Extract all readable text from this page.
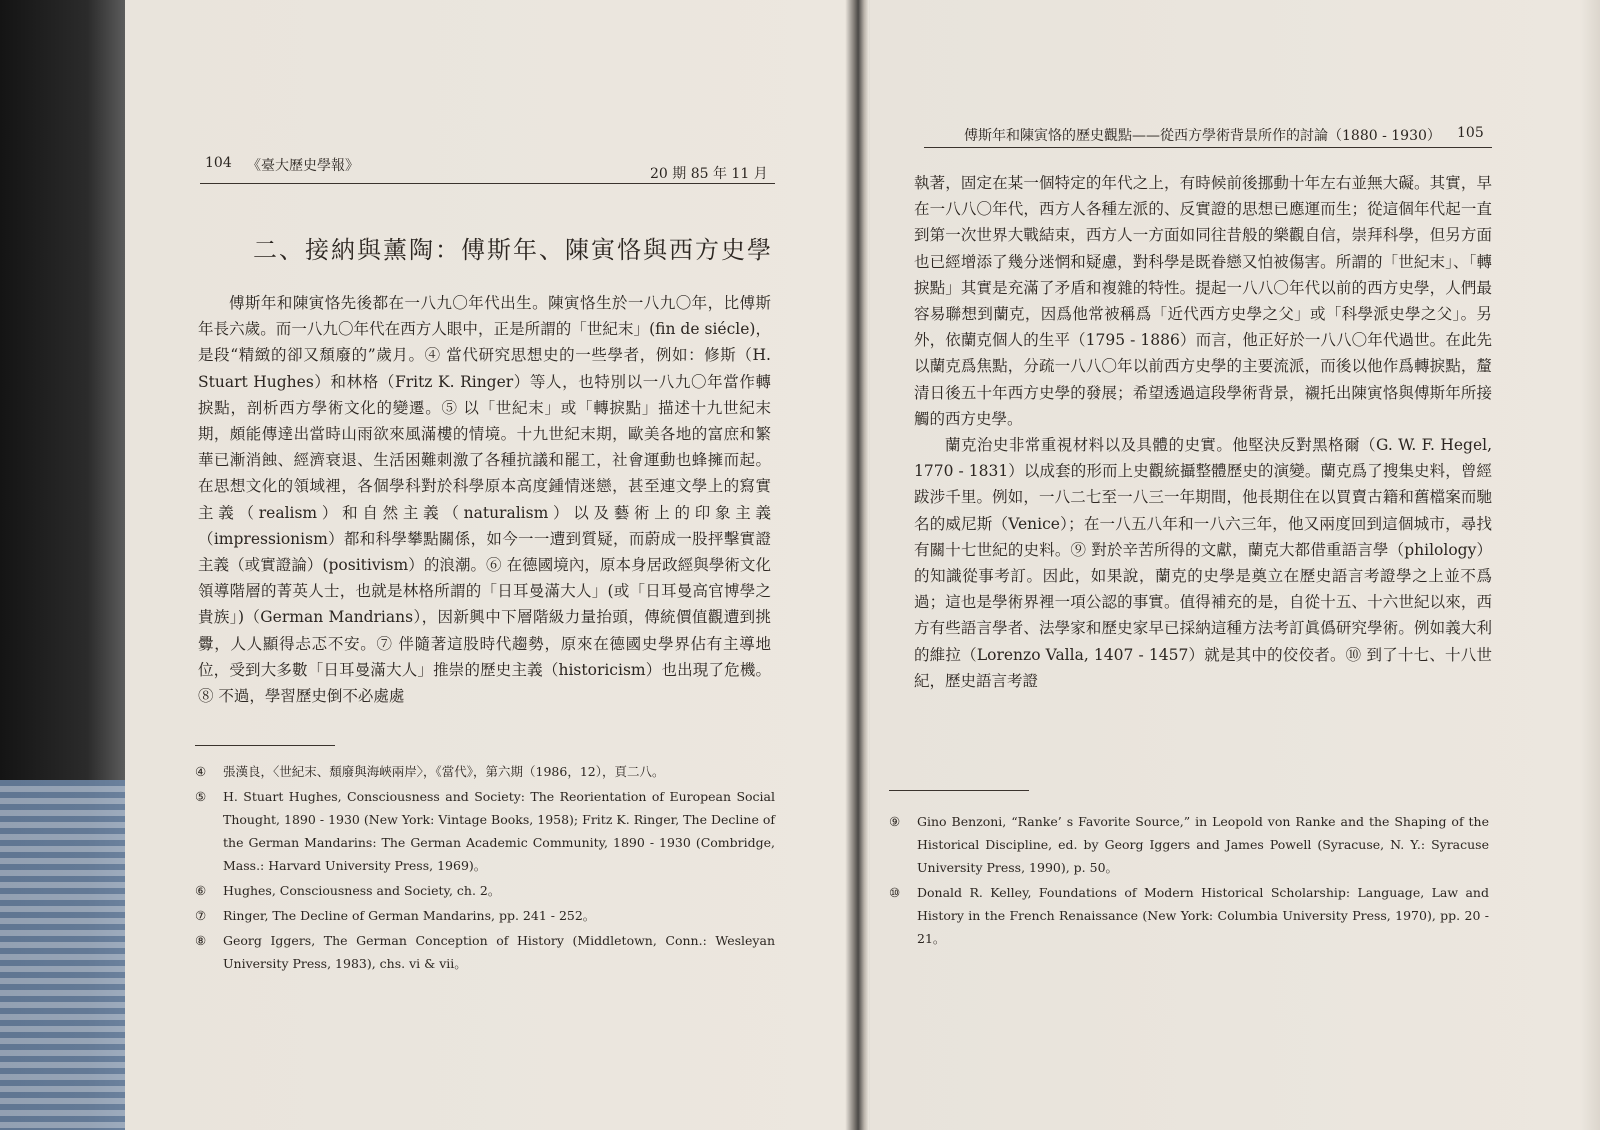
104 《臺大歷史學報》	20 期 85 年 11 月
二、接納與薰陶：傅斯年、陳寅恪與西方史學

傅斯年和陳寅恪先後都在一八九〇年代出生。陳寅恪生於一八九〇年，比傅斯年長六歲。而一八九〇年代在西方人眼中，正是所謂的「世紀末」(fin de siécle)，是段“精緻的卻又頹廢的”歲月。④ 當代研究思想史的一些學者，例如：修斯（H. Stuart Hughes）和林格（Fritz K. Ringer）等人，也特別以一八九〇年當作轉捩點，剖析西方學術文化的變遷。⑤ 以「世紀末」或「轉捩點」描述十九世紀末期，頗能傳達出當時山雨欲來風滿樓的情境。十九世紀末期，歐美各地的富庶和繁華已漸消蝕、經濟衰退、生活困難刺激了各種抗議和罷工，社會運動也蜂擁而起。在思想文化的領域裡，各個學科對於科學原本高度鍾情迷戀，甚至連文學上的寫實主義（realism）和自然主義（naturalism）以及藝術上的印象主義（impressionism）都和科學攀點關係，如今一一遭到質疑，而蔚成一股抨擊實證主義（或實證論）(positivism）的浪潮。⑥ 在德國境內，原本身居政經與學術文化領導階層的菁英人士，也就是林格所謂的「日耳曼滿大人」(或「日耳曼高官博學之貴族」)（German Mandrians），因新興中下層階級力量抬頭，傳統價值觀遭到挑釁，人人顯得忐忑不安。⑦ 伴隨著這股時代趨勢，原來在德國史學界佔有主導地位，受到大多數「日耳曼滿大人」推崇的歷史主義（historicism）也出現了危機。⑧ 不過，學習歷史倒不必處處

④	張漢良，〈世紀末、頹廢與海峽兩岸〉，《當代》，第六期（1986，12），頁二八。
⑤	H. Stuart Hughes, Consciousness and Society: The Reorientation of European Social Thought, 1890 - 1930 (New York: Vintage Books, 1958); Fritz K. Ringer, The Decline of the German Mandarins: The German Academic Community, 1890 - 1930 (Combridge, Mass.: Harvard University Press, 1969)。
⑥	Hughes, Consciousness and Society, ch. 2。
⑦	Ringer, The Decline of German Mandarins, pp. 241 - 252。
⑧	Georg Iggers, The German Conception of History (Middletown, Conn.: Wesleyan University Press, 1983), chs. vi & vii。
傅斯年和陳寅恪的歷史觀點——從西方學術背景所作的討論（1880 - 1930） 105

執著，固定在某一個特定的年代之上，有時候前後挪動十年左右並無大礙。其實，早在一八八〇年代，西方人各種左派的、反實證的思想已應運而生；從這個年代起一直到第一次世界大戰結束，西方人一方面如同往昔般的樂觀自信，崇拜科學，但另方面也已經增添了幾分迷惘和疑慮，對科學是既眷戀又怕被傷害。所謂的「世紀末」、「轉捩點」其實是充滿了矛盾和複雜的特性。提起一八八〇年代以前的西方史學，人們最容易聯想到蘭克，因爲他常被稱爲「近代西方史學之父」或「科學派史學之父」。另外，依蘭克個人的生平（1795 - 1886）而言，他正好於一八八〇年代過世。在此先以蘭克爲焦點，分疏一八八〇年以前西方史學的主要流派，而後以他作爲轉捩點，釐清日後五十年西方史學的發展；希望透過這段學術背景，襯托出陳寅恪與傅斯年所接觸的西方史學。

蘭克治史非常重視材料以及具體的史實。他堅決反對黑格爾（G. W. F. Hegel, 1770 - 1831）以成套的形而上史觀統攝整體歷史的演變。蘭克爲了搜集史料，曾經跋涉千里。例如，一八二七至一八三一年期間，他長期住在以買賣古籍和舊檔案而馳名的威尼斯（Venice）；在一八五八年和一八六三年，他又兩度回到這個城市，尋找有關十七世紀的史料。⑨ 對於辛苦所得的文獻，蘭克大都借重語言學（philology）的知識從事考訂。因此，如果說，蘭克的史學是奠立在歷史語言考證學之上並不爲過；這也是學術界裡一項公認的事實。值得補充的是，自從十五、十六世紀以來，西方有些語言學者、法學家和歷史家早已採納這種方法考訂眞僞研究學術。例如義大利的維拉（Lorenzo Valla, 1407 - 1457）就是其中的佼佼者。⑩ 到了十七、十八世紀，歷史語言考證

⑨	Gino Benzoni, “Ranke’ s Favorite Source,” in Leopold von Ranke and the Shaping of the Historical Discipline, ed. by Georg Iggers and James Powell (Syracuse, N. Y.: Syracuse University Press, 1990), p. 50。
⑩	Donald R. Kelley, Foundations of Modern Historical Scholarship: Language, Law and History in the French Renaissance (New York: Columbia University Press, 1970), pp. 20 - 21。
